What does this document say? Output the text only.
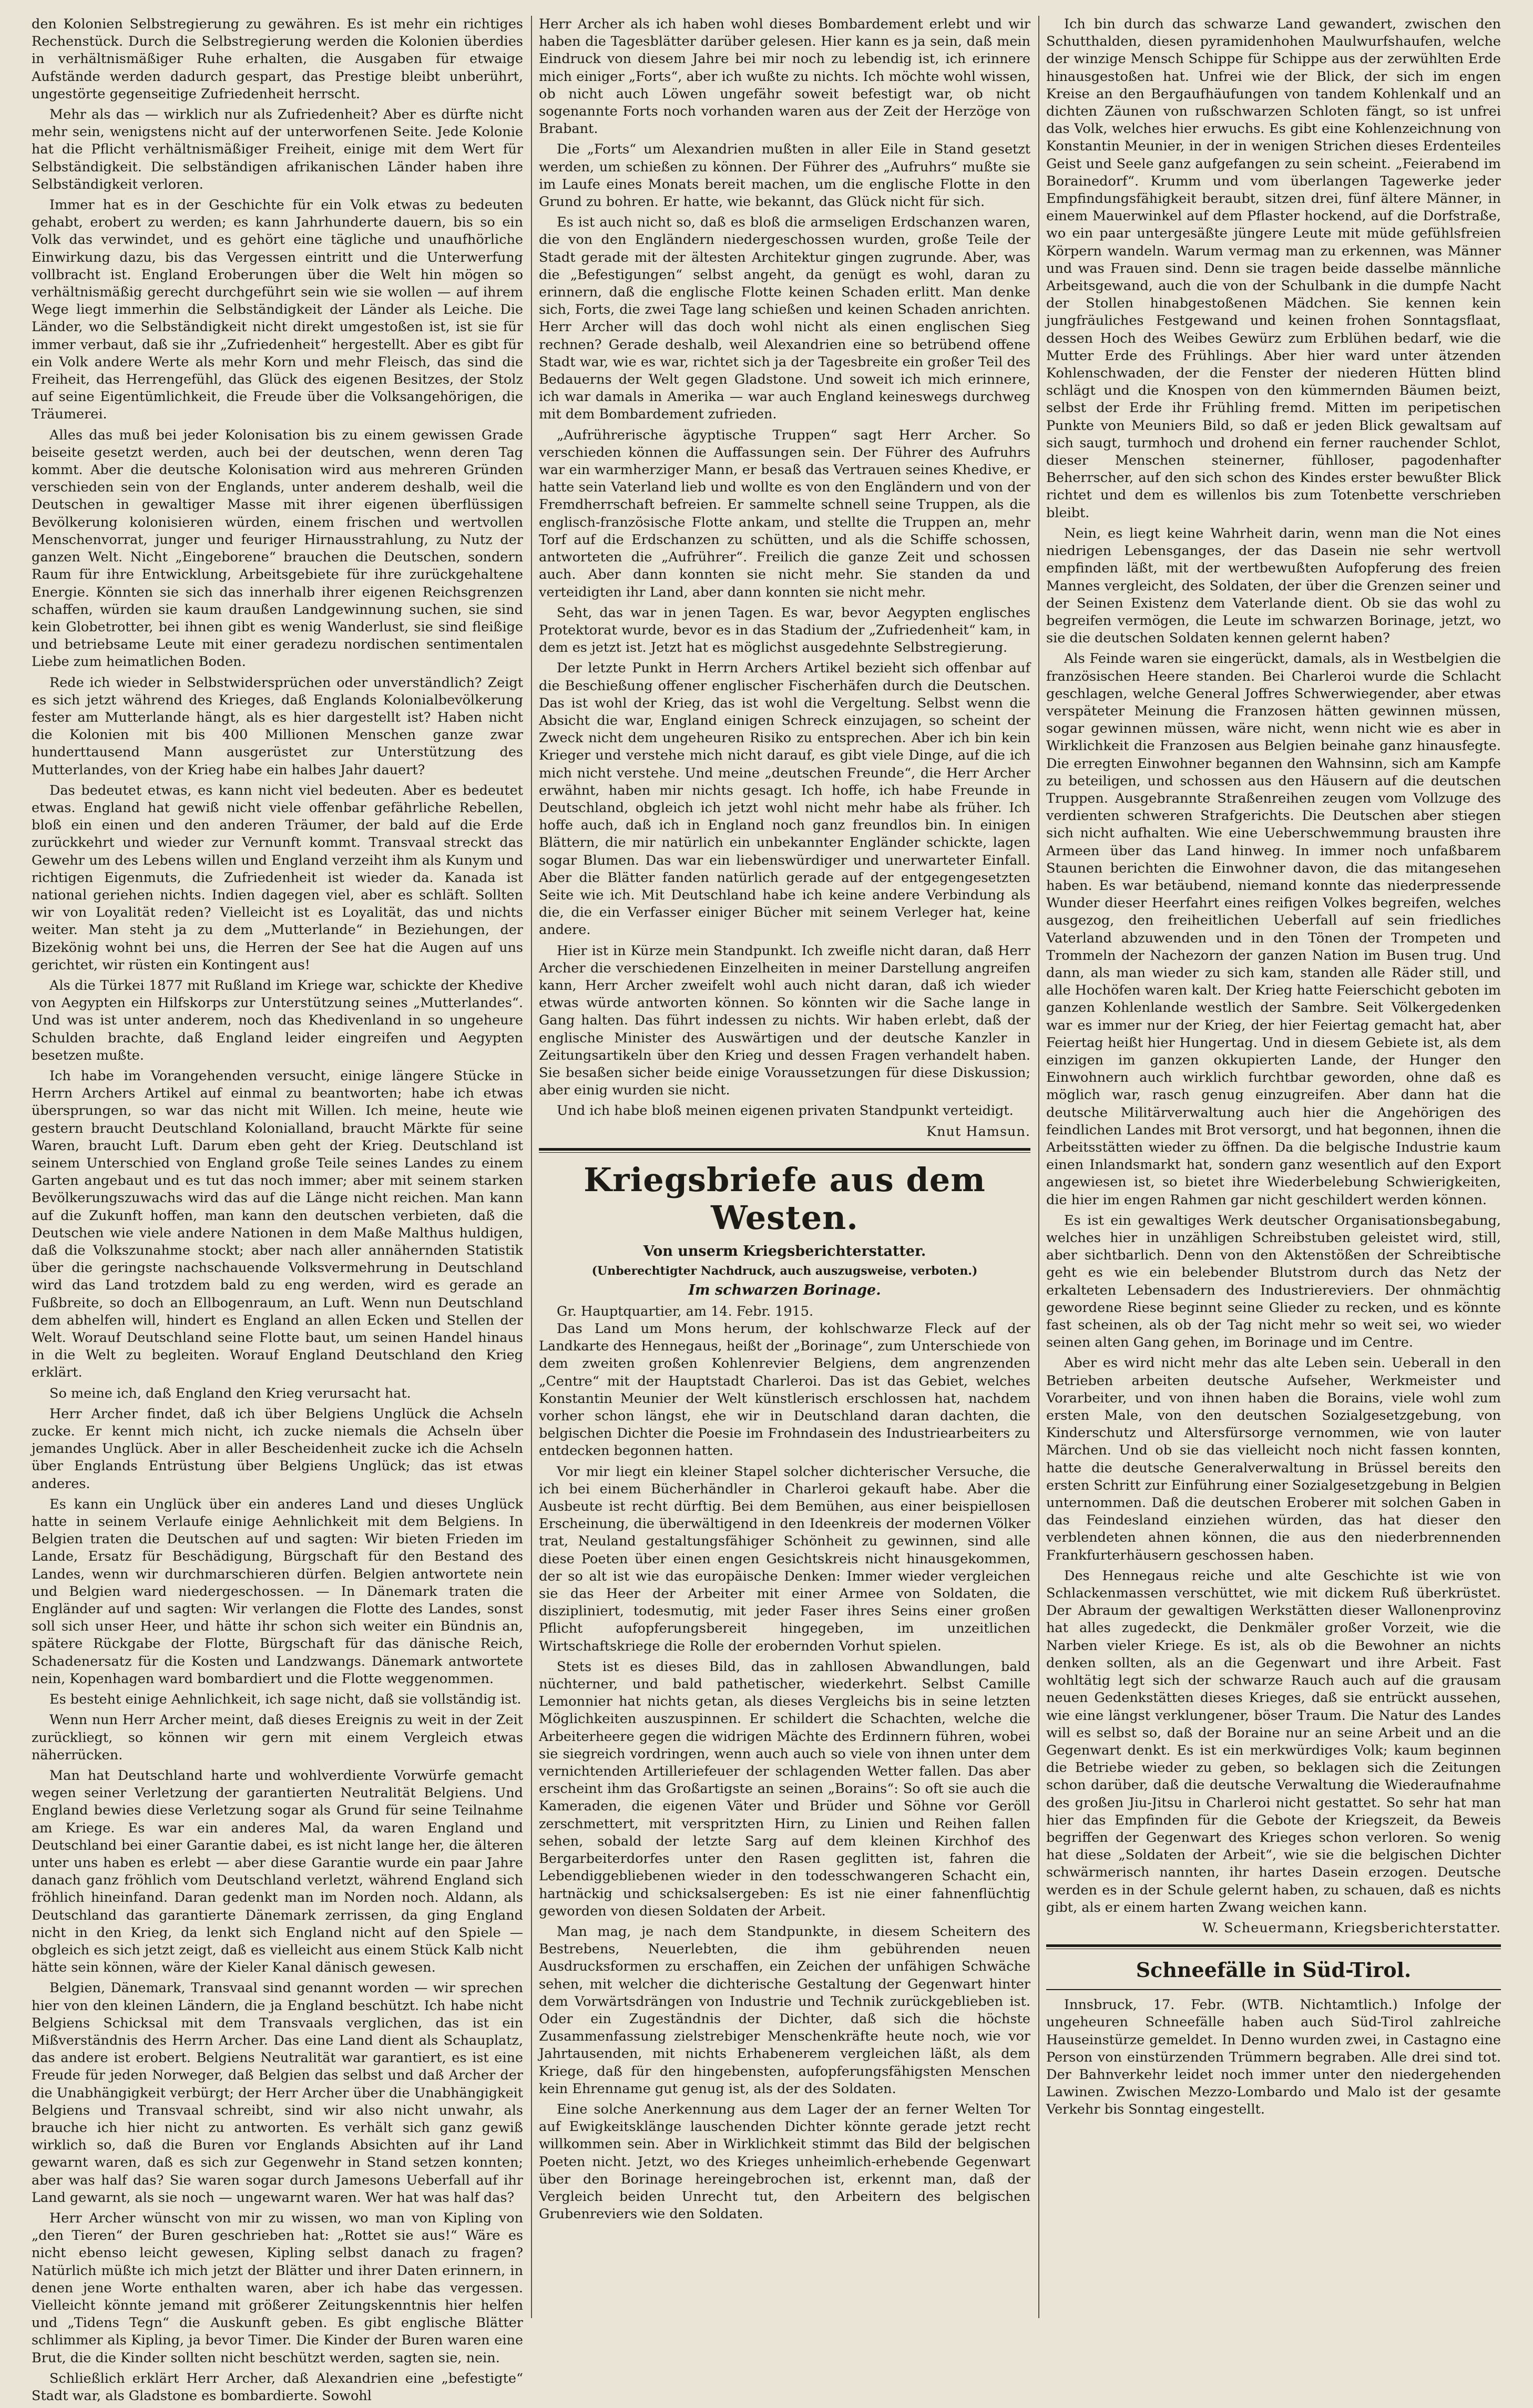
den Kolonien Selbstregierung zu gewähren. Es ist mehr ein richtiges Rechenstück. Durch die Selbstregierung werden die Kolonien überdies in verhältnismäßiger Ruhe erhalten, die Ausgaben für etwaige Aufstände werden dadurch gespart, das Prestige bleibt unberührt, ungestörte gegenseitige Zufriedenheit herrscht.

Mehr als das — wirklich nur als Zufriedenheit? Aber es dürfte nicht mehr sein, wenigstens nicht auf der unterworfenen Seite. Jede Kolonie hat die Pflicht verhältnismäßiger Freiheit, einige mit dem Wert für Selbständigkeit. Die selbständigen afrikanischen Länder haben ihre Selbständigkeit verloren.

Immer hat es in der Geschichte für ein Volk etwas zu bedeuten gehabt, erobert zu werden; es kann Jahrhunderte dauern, bis so ein Volk das verwindet, und es gehört eine tägliche und unaufhörliche Einwirkung dazu, bis das Vergessen eintritt und die Unterwerfung vollbracht ist. England Eroberungen über die Welt hin mögen so verhältnismäßig gerecht durchgeführt sein wie sie wollen — auf ihrem Wege liegt immerhin die Selbständigkeit der Länder als Leiche. Die Länder, wo die Selbständigkeit nicht direkt umgestoßen ist, ist sie für immer verbaut, daß sie ihr „Zufriedenheit“ hergestellt. Aber es gibt für ein Volk andere Werte als mehr Korn und mehr Fleisch, das sind die Freiheit, das Herrengefühl, das Glück des eigenen Besitzes, der Stolz auf seine Eigentümlichkeit, die Freude über die Volksangehörigen, die Träumerei.

Alles das muß bei jeder Kolonisation bis zu einem gewissen Grade beiseite gesetzt werden, auch bei der deutschen, wenn deren Tag kommt. Aber die deutsche Kolonisation wird aus mehreren Gründen verschieden sein von der Englands, unter anderem deshalb, weil die Deutschen in gewaltiger Masse mit ihrer eigenen überflüssigen Bevölkerung kolonisieren würden, einem frischen und wertvollen Menschenvorrat, junger und feuriger Hirnausstrahlung, zu Nutz der ganzen Welt. Nicht „Eingeborene“ brauchen die Deutschen, sondern Raum für ihre Entwicklung, Arbeitsgebiete für ihre zurückgehaltene Energie. Könnten sie sich das innerhalb ihrer eigenen Reichsgrenzen schaffen, würden sie kaum draußen Landgewinnung suchen, sie sind kein Globetrotter, bei ihnen gibt es wenig Wanderlust, sie sind fleißige und betriebsame Leute mit einer geradezu nordischen sentimentalen Liebe zum heimatlichen Boden.

Rede ich wieder in Selbstwidersprüchen oder unverständlich? Zeigt es sich jetzt während des Krieges, daß Englands Kolonialbevölkerung fester am Mutterlande hängt, als es hier dargestellt ist? Haben nicht die Kolonien mit bis 400 Millionen Menschen ganze zwar hunderttausend Mann ausgerüstet zur Unterstützung des Mutterlandes, von der Krieg habe ein halbes Jahr dauert?

Das bedeutet etwas, es kann nicht viel bedeuten. Aber es bedeutet etwas. England hat gewiß nicht viele offenbar gefährliche Rebellen, bloß ein einen und den anderen Träumer, der bald auf die Erde zurückkehrt und wieder zur Vernunft kommt. Transvaal streckt das Gewehr um des Lebens willen und England verzeiht ihm als Kunym und richtigen Eigenmuts, die Zufriedenheit ist wieder da. Kanada ist national geriehen nichts. Indien dagegen viel, aber es schläft. Sollten wir von Loyalität reden? Vielleicht ist es Loyalität, das und nichts weiter. Man steht ja zu dem „Mutterlande“ in Beziehungen, der Bizekönig wohnt bei uns, die Herren der See hat die Augen auf uns gerichtet, wir rüsten ein Kontingent aus!

Als die Türkei 1877 mit Rußland im Kriege war, schickte der Khedive von Aegypten ein Hilfskorps zur Unterstützung seines „Mutterlandes“. Und was ist unter anderem, noch das Khedivenland in so ungeheure Schulden brachte, daß England leider eingreifen und Aegypten besetzen mußte.

Ich habe im Vorangehenden versucht, einige längere Stücke in Herrn Archers Artikel auf einmal zu beantworten; habe ich etwas übersprungen, so war das nicht mit Willen. Ich meine, heute wie gestern braucht Deutschland Kolonialland, braucht Märkte für seine Waren, braucht Luft. Darum eben geht der Krieg. Deutschland ist seinem Unterschied von England große Teile seines Landes zu einem Garten angebaut und es tut das noch immer; aber mit seinem starken Bevölkerungszuwachs wird das auf die Länge nicht reichen. Man kann auf die Zukunft hoffen, man kann den deutschen verbieten, daß die Deutschen wie viele andere Nationen in dem Maße Malthus huldigen, daß die Volkszunahme stockt; aber nach aller annähernden Statistik über die geringste nachschauende Volksvermehrung in Deutschland wird das Land trotzdem bald zu eng werden, wird es gerade an Fußbreite, so doch an Ellbogenraum, an Luft. Wenn nun Deutschland dem abhelfen will, hindert es England an allen Ecken und Stellen der Welt. Worauf Deutschland seine Flotte baut, um seinen Handel hinaus in die Welt zu begleiten. Worauf England Deutschland den Krieg erklärt.

So meine ich, daß England den Krieg verursacht hat.

Herr Archer findet, daß ich über Belgiens Unglück die Achseln zucke. Er kennt mich nicht, ich zucke niemals die Achseln über jemandes Unglück. Aber in aller Bescheidenheit zucke ich die Achseln über Englands Entrüstung über Belgiens Unglück; das ist etwas anderes.

Es kann ein Unglück über ein anderes Land und dieses Unglück hatte in seinem Verlaufe einige Aehnlichkeit mit dem Belgiens. In Belgien traten die Deutschen auf und sagten: Wir bieten Frieden im Lande, Ersatz für Beschädigung, Bürgschaft für den Bestand des Landes, wenn wir durchmarschieren dürfen. Belgien antwortete nein und Belgien ward niedergeschossen. — In Dänemark traten die Engländer auf und sagten: Wir verlangen die Flotte des Landes, sonst soll sich unser Heer, und hätte ihr schon sich weiter ein Bündnis an, spätere Rückgabe der Flotte, Bürgschaft für das dänische Reich, Schadenersatz für die Kosten und Landzwangs. Dänemark antwortete nein, Kopenhagen ward bombardiert und die Flotte weggenommen.

Es besteht einige Aehnlichkeit, ich sage nicht, daß sie vollständig ist.

Wenn nun Herr Archer meint, daß dieses Ereignis zu weit in der Zeit zurückliegt, so können wir gern mit einem Vergleich etwas näherrücken.

Man hat Deutschland harte und wohlverdiente Vorwürfe gemacht wegen seiner Verletzung der garantierten Neutralität Belgiens. Und England bewies diese Verletzung sogar als Grund für seine Teilnahme am Kriege. Es war ein anderes Mal, da waren England und Deutschland bei einer Garantie dabei, es ist nicht lange her, die älteren unter uns haben es erlebt — aber diese Garantie wurde ein paar Jahre danach ganz fröhlich vom Deutschland verletzt, während England sich fröhlich hineinfand. Daran gedenkt man im Norden noch. Aldann, als Deutschland das garantierte Dänemark zerrissen, da ging England nicht in den Krieg, da lenkt sich England nicht auf den Spiele — obgleich es sich jetzt zeigt, daß es vielleicht aus einem Stück Kalb nicht hätte sein können, wäre der Kieler Kanal dänisch gewesen.

Belgien, Dänemark, Transvaal sind genannt worden — wir sprechen hier von den kleinen Ländern, die ja England beschützt. Ich habe nicht Belgiens Schicksal mit dem Transvaals verglichen, das ist ein Mißverständnis des Herrn Archer. Das eine Land dient als Schauplatz, das andere ist erobert. Belgiens Neutralität war garantiert, es ist eine Freude für jeden Norweger, daß Belgien das selbst und daß Archer der die Unabhängigkeit verbürgt; der Herr Archer über die Unabhängigkeit Belgiens und Transvaal schreibt, sind wir also nicht unwahr, als brauche ich hier nicht zu antworten. Es verhält sich ganz gewiß wirklich so, daß die Buren vor Englands Absichten auf ihr Land gewarnt waren, daß es sich zur Gegenwehr in Stand setzen konnten; aber was half das? Sie waren sogar durch Jamesons Ueberfall auf ihr Land gewarnt, als sie noch — ungewarnt waren. Wer hat was half das?

Herr Archer wünscht von mir zu wissen, wo man von Kipling von „den Tieren“ der Buren geschrieben hat: „Rottet sie aus!“ Wäre es nicht ebenso leicht gewesen, Kipling selbst danach zu fragen? Natürlich müßte ich mich jetzt der Blätter und ihrer Daten erinnern, in denen jene Worte enthalten waren, aber ich habe das vergessen. Vielleicht könnte jemand mit größerer Zeitungskenntnis hier helfen und „Tidens Tegn“ die Auskunft geben. Es gibt englische Blätter schlimmer als Kipling, ja bevor Timer. Die Kinder der Buren waren eine Brut, die die Kinder sollten nicht beschützt werden, sagten sie, nein.

Schließlich erklärt Herr Archer, daß Alexandrien eine „befestigte“ Stadt war, als Gladstone es bombardierte. Sowohl

Herr Archer als ich haben wohl dieses Bombardement erlebt und wir haben die Tagesblätter darüber gelesen. Hier kann es ja sein, daß mein Eindruck von diesem Jahre bei mir noch zu lebendig ist, ich erinnere mich einiger „Forts“, aber ich wußte zu nichts. Ich möchte wohl wissen, ob nicht auch Löwen ungefähr soweit befestigt war, ob nicht sogenannte Forts noch vorhanden waren aus der Zeit der Herzöge von Brabant.

Die „Forts“ um Alexandrien mußten in aller Eile in Stand gesetzt werden, um schießen zu können. Der Führer des „Aufruhrs“ mußte sie im Laufe eines Monats bereit machen, um die englische Flotte in den Grund zu bohren. Er hatte, wie bekannt, das Glück nicht für sich.

Es ist auch nicht so, daß es bloß die armseligen Erdschanzen waren, die von den Engländern niedergeschossen wurden, große Teile der Stadt gerade mit der ältesten Architektur gingen zugrunde. Aber, was die „Befestigungen“ selbst angeht, da genügt es wohl, daran zu erinnern, daß die englische Flotte keinen Schaden erlitt. Man denke sich, Forts, die zwei Tage lang schießen und keinen Schaden anrichten. Herr Archer will das doch wohl nicht als einen englischen Sieg rechnen? Gerade deshalb, weil Alexandrien eine so betrübend offene Stadt war, wie es war, richtet sich ja der Tagesbreite ein großer Teil des Bedauerns der Welt gegen Gladstone. Und soweit ich mich erinnere, ich war damals in Amerika — war auch England keineswegs durchweg mit dem Bombardement zufrieden.

„Aufrührerische ägyptische Truppen“ sagt Herr Archer. So verschieden können die Auffassungen sein. Der Führer des Aufruhrs war ein warmherziger Mann, er besaß das Vertrauen seines Khedive, er hatte sein Vaterland lieb und wollte es von den Engländern und von der Fremdherrschaft befreien. Er sammelte schnell seine Truppen, als die englisch-französische Flotte ankam, und stellte die Truppen an, mehr Torf auf die Erdschanzen zu schütten, und als die Schiffe schossen, antworteten die „Aufrührer“. Freilich die ganze Zeit und schossen auch. Aber dann konnten sie nicht mehr. Sie standen da und verteidigten ihr Land, aber dann konnten sie nicht mehr.

Seht, das war in jenen Tagen. Es war, bevor Aegypten englisches Protektorat wurde, bevor es in das Stadium der „Zufriedenheit“ kam, in dem es jetzt ist. Jetzt hat es möglichst ausgedehnte Selbstregierung.

Der letzte Punkt in Herrn Archers Artikel bezieht sich offenbar auf die Beschießung offener englischer Fischerhäfen durch die Deutschen. Das ist wohl der Krieg, das ist wohl die Vergeltung. Selbst wenn die Absicht die war, England einigen Schreck einzujagen, so scheint der Zweck nicht dem ungeheuren Risiko zu entsprechen. Aber ich bin kein Krieger und verstehe mich nicht darauf, es gibt viele Dinge, auf die ich mich nicht verstehe. Und meine „deutschen Freunde“, die Herr Archer erwähnt, haben mir nichts gesagt. Ich hoffe, ich habe Freunde in Deutschland, obgleich ich jetzt wohl nicht mehr habe als früher. Ich hoffe auch, daß ich in England noch ganz freundlos bin. In einigen Blättern, die mir natürlich ein unbekannter Engländer schickte, lagen sogar Blumen. Das war ein liebenswürdiger und unerwarteter Einfall. Aber die Blätter fanden natürlich gerade auf der entgegengesetzten Seite wie ich. Mit Deutschland habe ich keine andere Verbindung als die, die ein Verfasser einiger Bücher mit seinem Verleger hat, keine andere.

Hier ist in Kürze mein Standpunkt. Ich zweifle nicht daran, daß Herr Archer die verschiedenen Einzelheiten in meiner Darstellung angreifen kann, Herr Archer zweifelt wohl auch nicht daran, daß ich wieder etwas würde antworten können. So könnten wir die Sache lange in Gang halten. Das führt indessen zu nichts. Wir haben erlebt, daß der englische Minister des Auswärtigen und der deutsche Kanzler in Zeitungsartikeln über den Krieg und dessen Fragen verhandelt haben. Sie besaßen sicher beide einige Voraussetzungen für diese Diskussion; aber einig wurden sie nicht.

Und ich habe bloß meinen eigenen privaten Standpunkt verteidigt.

Knut Hamsun.

Kriegsbriefe aus dem Westen.
Von unserm Kriegsberichterstatter.
(Unberechtigter Nachdruck, auch auszugsweise, verboten.)
Im schwarzen Borinage.

Gr. Hauptquartier, am 14. Febr. 1915.

Das Land um Mons herum, der kohlschwarze Fleck auf der Landkarte des Hennegaus, heißt der „Borinage“, zum Unterschiede von dem zweiten großen Kohlenrevier Belgiens, dem angrenzenden „Centre“ mit der Hauptstadt Charleroi. Das ist das Gebiet, welches Konstantin Meunier der Welt künstlerisch erschlossen hat, nachdem vorher schon längst, ehe wir in Deutschland daran dachten, die belgischen Dichter die Poesie im Frohndasein des Industriearbeiters zu entdecken begonnen hatten.

Vor mir liegt ein kleiner Stapel solcher dichterischer Versuche, die ich bei einem Bücherhändler in Charleroi gekauft habe. Aber die Ausbeute ist recht dürftig. Bei dem Bemühen, aus einer beispiellosen Erscheinung, die überwältigend in den Ideenkreis der modernen Völker trat, Neuland gestaltungsfähiger Schönheit zu gewinnen, sind alle diese Poeten über einen engen Gesichtskreis nicht hinausgekommen, der so alt ist wie das europäische Denken: Immer wieder vergleichen sie das Heer der Arbeiter mit einer Armee von Soldaten, die diszipliniert, todesmutig, mit jeder Faser ihres Seins einer großen Pflicht aufopferungsbereit hingegeben, im unzeitlichen Wirtschaftskriege die Rolle der erobernden Vorhut spielen.

Stets ist es dieses Bild, das in zahllosen Abwandlungen, bald nüchterner, und bald pathetischer, wiederkehrt. Selbst Camille Lemonnier hat nichts getan, als dieses Vergleichs bis in seine letzten Möglichkeiten auszuspinnen. Er schildert die Schachten, welche die Arbeiterheere gegen die widrigen Mächte des Erdinnern führen, wobei sie siegreich vordringen, wenn auch auch so viele von ihnen unter dem vernichtenden Artilleriefeuer der schlagenden Wetter fallen. Das aber erscheint ihm das Großartigste an seinen „Borains“: So oft sie auch die Kameraden, die eigenen Väter und Brüder und Söhne vor Geröll zerschmettert, mit verspritzten Hirn, zu Linien und Reihen fallen sehen, sobald der letzte Sarg auf dem kleinen Kirchhof des Bergarbeiterdorfes unter den Rasen geglitten ist, fahren die Lebendiggebliebenen wieder in den todesschwangeren Schacht ein, hartnäckig und schicksalsergeben: Es ist nie einer fahnenflüchtig geworden von diesen Soldaten der Arbeit.

Man mag, je nach dem Standpunkte, in diesem Scheitern des Bestrebens, Neuerlebten, die ihm gebührenden neuen Ausdrucksformen zu erschaffen, ein Zeichen der unfähigen Schwäche sehen, mit welcher die dichterische Gestaltung der Gegenwart hinter dem Vorwärtsdrängen von Industrie und Technik zurückgeblieben ist. Oder ein Zugeständnis der Dichter, daß sich die höchste Zusammenfassung zielstrebiger Menschenkräfte heute noch, wie vor Jahrtausenden, mit nichts Erhabenerem vergleichen läßt, als dem Kriege, daß für den hingebensten, aufopferungsfähigsten Menschen kein Ehrenname gut genug ist, als der des Soldaten.

Eine solche Anerkennung aus dem Lager der an ferner Welten Tor auf Ewigkeitsklänge lauschenden Dichter könnte gerade jetzt recht willkommen sein. Aber in Wirklichkeit stimmt das Bild der belgischen Poeten nicht. Jetzt, wo des Krieges unheimlich-erhebende Gegenwart über den Borinage hereingebrochen ist, erkennt man, daß der Vergleich beiden Unrecht tut, den Arbeitern des belgischen Grubenreviers wie den Soldaten.

Ich bin durch das schwarze Land gewandert, zwischen den Schutthalden, diesen pyramidenhohen Maulwurfshaufen, welche der winzige Mensch Schippe für Schippe aus der zerwühlten Erde hinausgestoßen hat. Unfrei wie der Blick, der sich im engen Kreise an den Bergaufhäufungen von tandem Kohlenkalf und an dichten Zäunen von rußschwarzen Schloten fängt, so ist unfrei das Volk, welches hier erwuchs. Es gibt eine Kohlenzeichnung von Konstantin Meunier, in der in wenigen Strichen dieses Erdenteiles Geist und Seele ganz aufgefangen zu sein scheint. „Feierabend im Borainedorf“. Krumm und vom überlangen Tagewerke jeder Empfindungsfähigkeit beraubt, sitzen drei, fünf ältere Männer, in einem Mauerwinkel auf dem Pflaster hockend, auf die Dorfstraße, wo ein paar untergesäßte jüngere Leute mit müde gefühlsfreien Körpern wandeln. Warum vermag man zu erkennen, was Männer und was Frauen sind. Denn sie tragen beide dasselbe männliche Arbeitsgewand, auch die von der Schulbank in die dumpfe Nacht der Stollen hinabgestoßenen Mädchen. Sie kennen kein jungfräuliches Festgewand und keinen frohen Sonntagsflaat, dessen Hoch des Weibes Gewürz zum Erblühen bedarf, wie die Mutter Erde des Frühlings. Aber hier ward unter ätzenden Kohlenschwaden, der die Fenster der niederen Hütten blind schlägt und die Knospen von den kümmernden Bäumen beizt, selbst der Erde ihr Frühling fremd. Mitten im peripetischen Punkte von Meuniers Bild, so daß er jeden Blick gewaltsam auf sich saugt, turmhoch und drohend ein ferner rauchender Schlot, dieser Menschen steinerner, fühlloser, pagodenhafter Beherrscher, auf den sich schon des Kindes erster bewußter Blick richtet und dem es willenlos bis zum Totenbette verschrieben bleibt.

Nein, es liegt keine Wahrheit darin, wenn man die Not eines niedrigen Lebensganges, der das Dasein nie sehr wertvoll empfinden läßt, mit der wertbewußten Aufopferung des freien Mannes vergleicht, des Soldaten, der über die Grenzen seiner und der Seinen Existenz dem Vaterlande dient. Ob sie das wohl zu begreifen vermögen, die Leute im schwarzen Borinage, jetzt, wo sie die deutschen Soldaten kennen gelernt haben?

Als Feinde waren sie eingerückt, damals, als in Westbelgien die französischen Heere standen. Bei Charleroi wurde die Schlacht geschlagen, welche General Joffres Schwerwiegender, aber etwas verspäteter Meinung die Franzosen hätten gewinnen müssen, sogar gewinnen müssen, wäre nicht, wenn nicht wie es aber in Wirklichkeit die Franzosen aus Belgien beinahe ganz hinausfegte. Die erregten Einwohner begannen den Wahnsinn, sich am Kampfe zu beteiligen, und schossen aus den Häusern auf die deutschen Truppen. Ausgebrannte Straßenreihen zeugen vom Vollzuge des verdienten schweren Strafgerichts. Die Deutschen aber stiegen sich nicht aufhalten. Wie eine Ueberschwemmung brausten ihre Armeen über das Land hinweg. In immer noch unfaßbarem Staunen berichten die Einwohner davon, die das mitangesehen haben. Es war betäubend, niemand konnte das niederpressende Wunder dieser Heerfahrt eines reifigen Volkes begreifen, welches ausgezog, den freiheitlichen Ueberfall auf sein friedliches Vaterland abzuwenden und in den Tönen der Trompeten und Trommeln der Nachezorn der ganzen Nation im Busen trug. Und dann, als man wieder zu sich kam, standen alle Räder still, und alle Hochöfen waren kalt. Der Krieg hatte Feierschicht geboten im ganzen Kohlenlande westlich der Sambre. Seit Völkergedenken war es immer nur der Krieg, der hier Feiertag gemacht hat, aber Feiertag heißt hier Hungertag. Und in diesem Gebiete ist, als dem einzigen im ganzen okkupierten Lande, der Hunger den Einwohnern auch wirklich furchtbar geworden, ohne daß es möglich war, rasch genug einzugreifen. Aber dann hat die deutsche Militärverwaltung auch hier die Angehörigen des feindlichen Landes mit Brot versorgt, und hat begonnen, ihnen die Arbeitsstätten wieder zu öffnen. Da die belgische Industrie kaum einen Inlandsmarkt hat, sondern ganz wesentlich auf den Export angewiesen ist, so bietet ihre Wiederbelebung Schwierigkeiten, die hier im engen Rahmen gar nicht geschildert werden können.

Es ist ein gewaltiges Werk deutscher Organisationsbegabung, welches hier in unzähligen Schreibstuben geleistet wird, still, aber sichtbarlich. Denn von den Aktenstößen der Schreibtische geht es wie ein belebender Blutstrom durch das Netz der erkalteten Lebensadern des Industriereviers. Der ohnmächtig gewordene Riese beginnt seine Glieder zu recken, und es könnte fast scheinen, als ob der Tag nicht mehr so weit sei, wo wieder seinen alten Gang gehen, im Borinage und im Centre.

Aber es wird nicht mehr das alte Leben sein. Ueberall in den Betrieben arbeiten deutsche Aufseher, Werkmeister und Vorarbeiter, und von ihnen haben die Borains, viele wohl zum ersten Male, von den deutschen Sozialgesetzgebung, von Kinderschutz und Altersfürsorge vernommen, wie von lauter Märchen. Und ob sie das vielleicht noch nicht fassen konnten, hatte die deutsche Generalverwaltung in Brüssel bereits den ersten Schritt zur Einführung einer Sozialgesetzgebung in Belgien unternommen. Daß die deutschen Eroberer mit solchen Gaben in das Feindesland einziehen würden, das hat dieser den verblendeten ahnen können, die aus den niederbrennenden Frankfurterhäusern geschossen haben.

Des Hennegaus reiche und alte Geschichte ist wie von Schlackenmassen verschüttet, wie mit dickem Ruß überkrüstet. Der Abraum der gewaltigen Werkstätten dieser Wallonenprovinz hat alles zugedeckt, die Denkmäler großer Vorzeit, wie die Narben vieler Kriege. Es ist, als ob die Bewohner an nichts denken sollten, als an die Gegenwart und ihre Arbeit. Fast wohltätig legt sich der schwarze Rauch auch auf die grausam neuen Gedenkstätten dieses Krieges, daß sie entrückt aussehen, wie eine längst verklungener, böser Traum. Die Natur des Landes will es selbst so, daß der Boraine nur an seine Arbeit und an die Gegenwart denkt. Es ist ein merkwürdiges Volk; kaum beginnen die Betriebe wieder zu geben, so beklagen sich die Zeitungen schon darüber, daß die deutsche Verwaltung die Wiederaufnahme des großen Jiu-Jitsu in Charleroi nicht gestattet. So sehr hat man hier das Empfinden für die Gebote der Kriegszeit, da Beweis begriffen der Gegenwart des Krieges schon verloren. So wenig hat diese „Soldaten der Arbeit“, wie sie die belgischen Dichter schwärmerisch nannten, ihr hartes Dasein erzogen. Deutsche werden es in der Schule gelernt haben, zu schauen, daß es nichts gibt, als er einem harten Zwang weichen kann.

W. Scheuermann, Kriegsberichterstatter.

Schneefälle in Süd-Tirol.

Innsbruck, 17. Febr. (WTB. Nichtamtlich.) Infolge der ungeheuren Schneefälle haben auch Süd-Tirol zahlreiche Hauseinstürze gemeldet. In Denno wurden zwei, in Castagno eine Person von einstürzenden Trümmern begraben. Alle drei sind tot. Der Bahnverkehr leidet noch immer unter den niedergehenden Lawinen. Zwischen Mezzo-Lombardo und Malo ist der gesamte Verkehr bis Sonntag eingestellt.
